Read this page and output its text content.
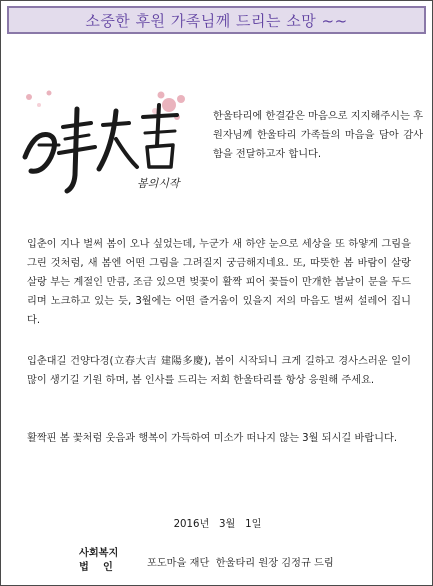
소중한 후원 가족님께 드리는 소망 ~~
봄의시작
한울타리에 한결같은 마음으로 지지해주시는 후원자님께 한울타리 가족들의 마음을 담아 감사함을 전달하고자 합니다.
입춘이 지나 벌써 봄이 오나 싶었는데, 누군가 새 하얀 눈으로 세상을 또 하얗게 그림을 그린 것처럼, 새 봄엔 어떤 그림을 그려질지 궁금해지네요. 또, 따뜻한 봄 바람이 살랑 살랑 부는 계절인 만큼, 조금 있으면 벚꽃이 활짝 피어 꽃들이 만개한 봄날이 문을 두드리며 노크하고 있는 듯, 3월에는 어떤 즐거움이 있을지 저의 마음도 벌써 설레어 집니다.
입춘대길 건양다경(立春大吉 建陽多慶), 봄이 시작되니 크게 길하고 경사스러운 일이 많이 생기길 기원 하며, 봄 인사를 드리는 저희 한울타리를 항상 응원해 주세요.
활짝핀 봄 꽃처럼 웃음과 행복이 가득하여 미소가 떠나지 않는 3월 되시길 바랍니다.
2016년   3월   1일
사회복지
법    인	포도마을 재단  한울타리 원장 김정규 드림
